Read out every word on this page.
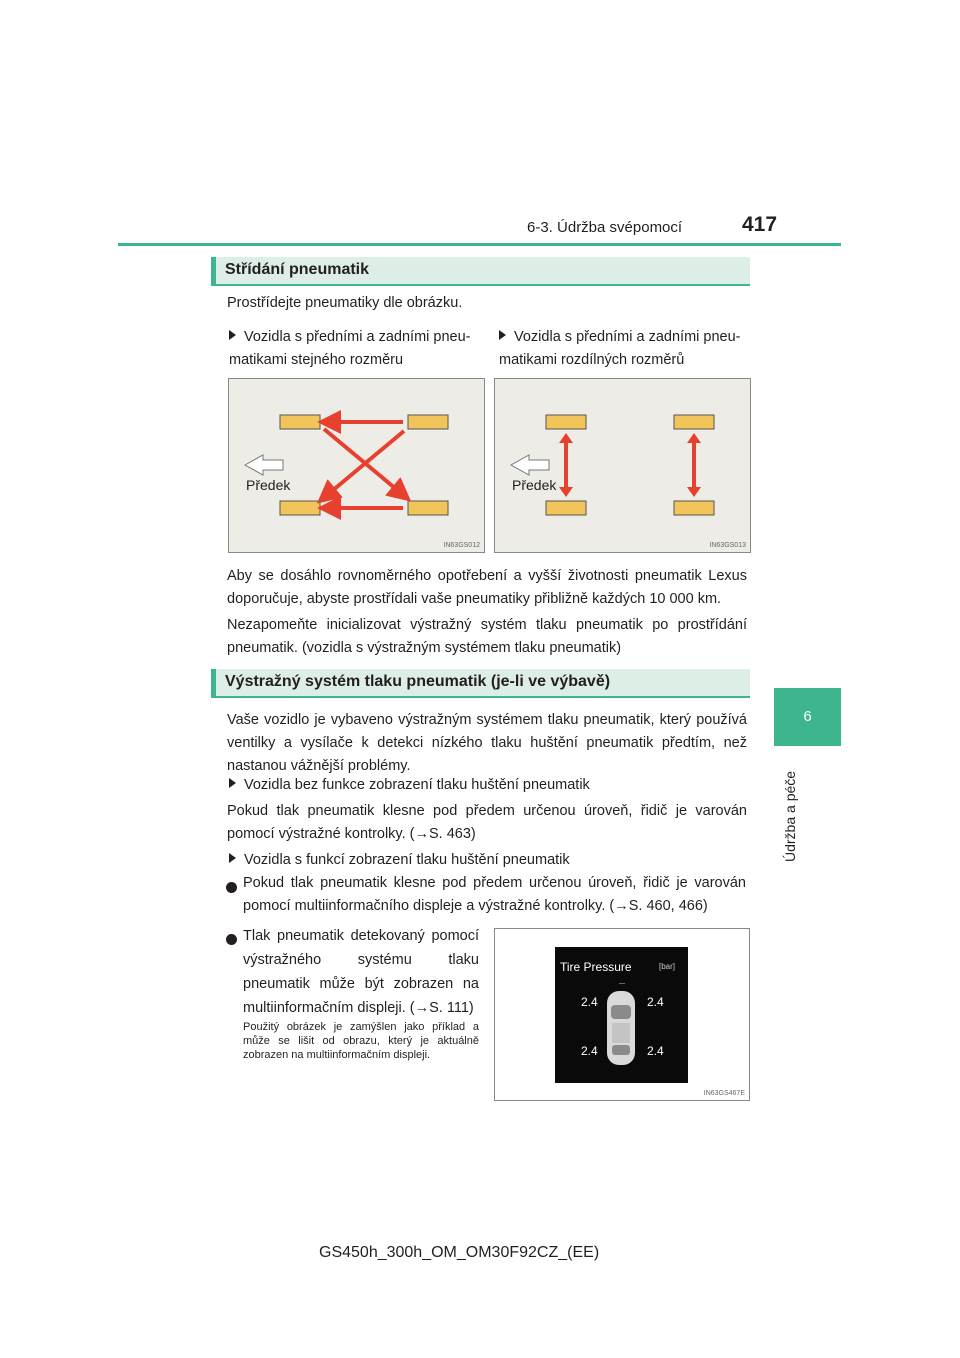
6-3. Údržba svépomocí	417
6
Údržba a péče
Střídání pneumatik
Prostřídejte pneumatiky dle obrázku.
Vozidla s předními a zadními pneu-matikami stejného rozměru
Vozidla s předními a zadními pneu-matikami rozdílných rozměrů
Předek
IN63GS012
Předek
IN63GS013
Aby se dosáhlo rovnoměrného opotřebení a vyšší životnosti pneumatik Lexus doporučuje, abyste prostřídali vaše pneumatiky přibližně každých 10 000 km.
Nezapomeňte inicializovat výstražný systém tlaku pneumatik po prostřídání pneumatik. (vozidla s výstražným systémem tlaku pneumatik)
Výstražný systém tlaku pneumatik (je-li ve výbavě)
Vaše vozidlo je vybaveno výstražným systémem tlaku pneumatik, který používá ventilky a vysílače k detekci nízkého tlaku huštění pneumatik předtím, než nastanou vážnější problémy.
Vozidla bez funkce zobrazení tlaku huštění pneumatik
Pokud tlak pneumatik klesne pod předem určenou úroveň, řidič je varován pomocí výstražné kontrolky. (→S. 463)
Vozidla s funkcí zobrazení tlaku huštění pneumatik
Pokud tlak pneumatik klesne pod předem určenou úroveň, řidič je varován pomocí multiinformačního displeje a výstražné kontrolky. (→S. 460, 466)
Tlak pneumatik detekovaný pomocí výstražného systému tlaku pneumatik může být zobrazen na multiinformačním displeji. (→S. 111)
Použitý obrázek je zamýšlen jako příklad a může se lišit od obrazu, který je aktuálně zobrazen na multiinformačním displeji.
Tire Pressure	[bar]
2.4	2.4
2.4	2.4
IN63GS467E
GS450h_300h_OM_OM30F92CZ_(EE)
